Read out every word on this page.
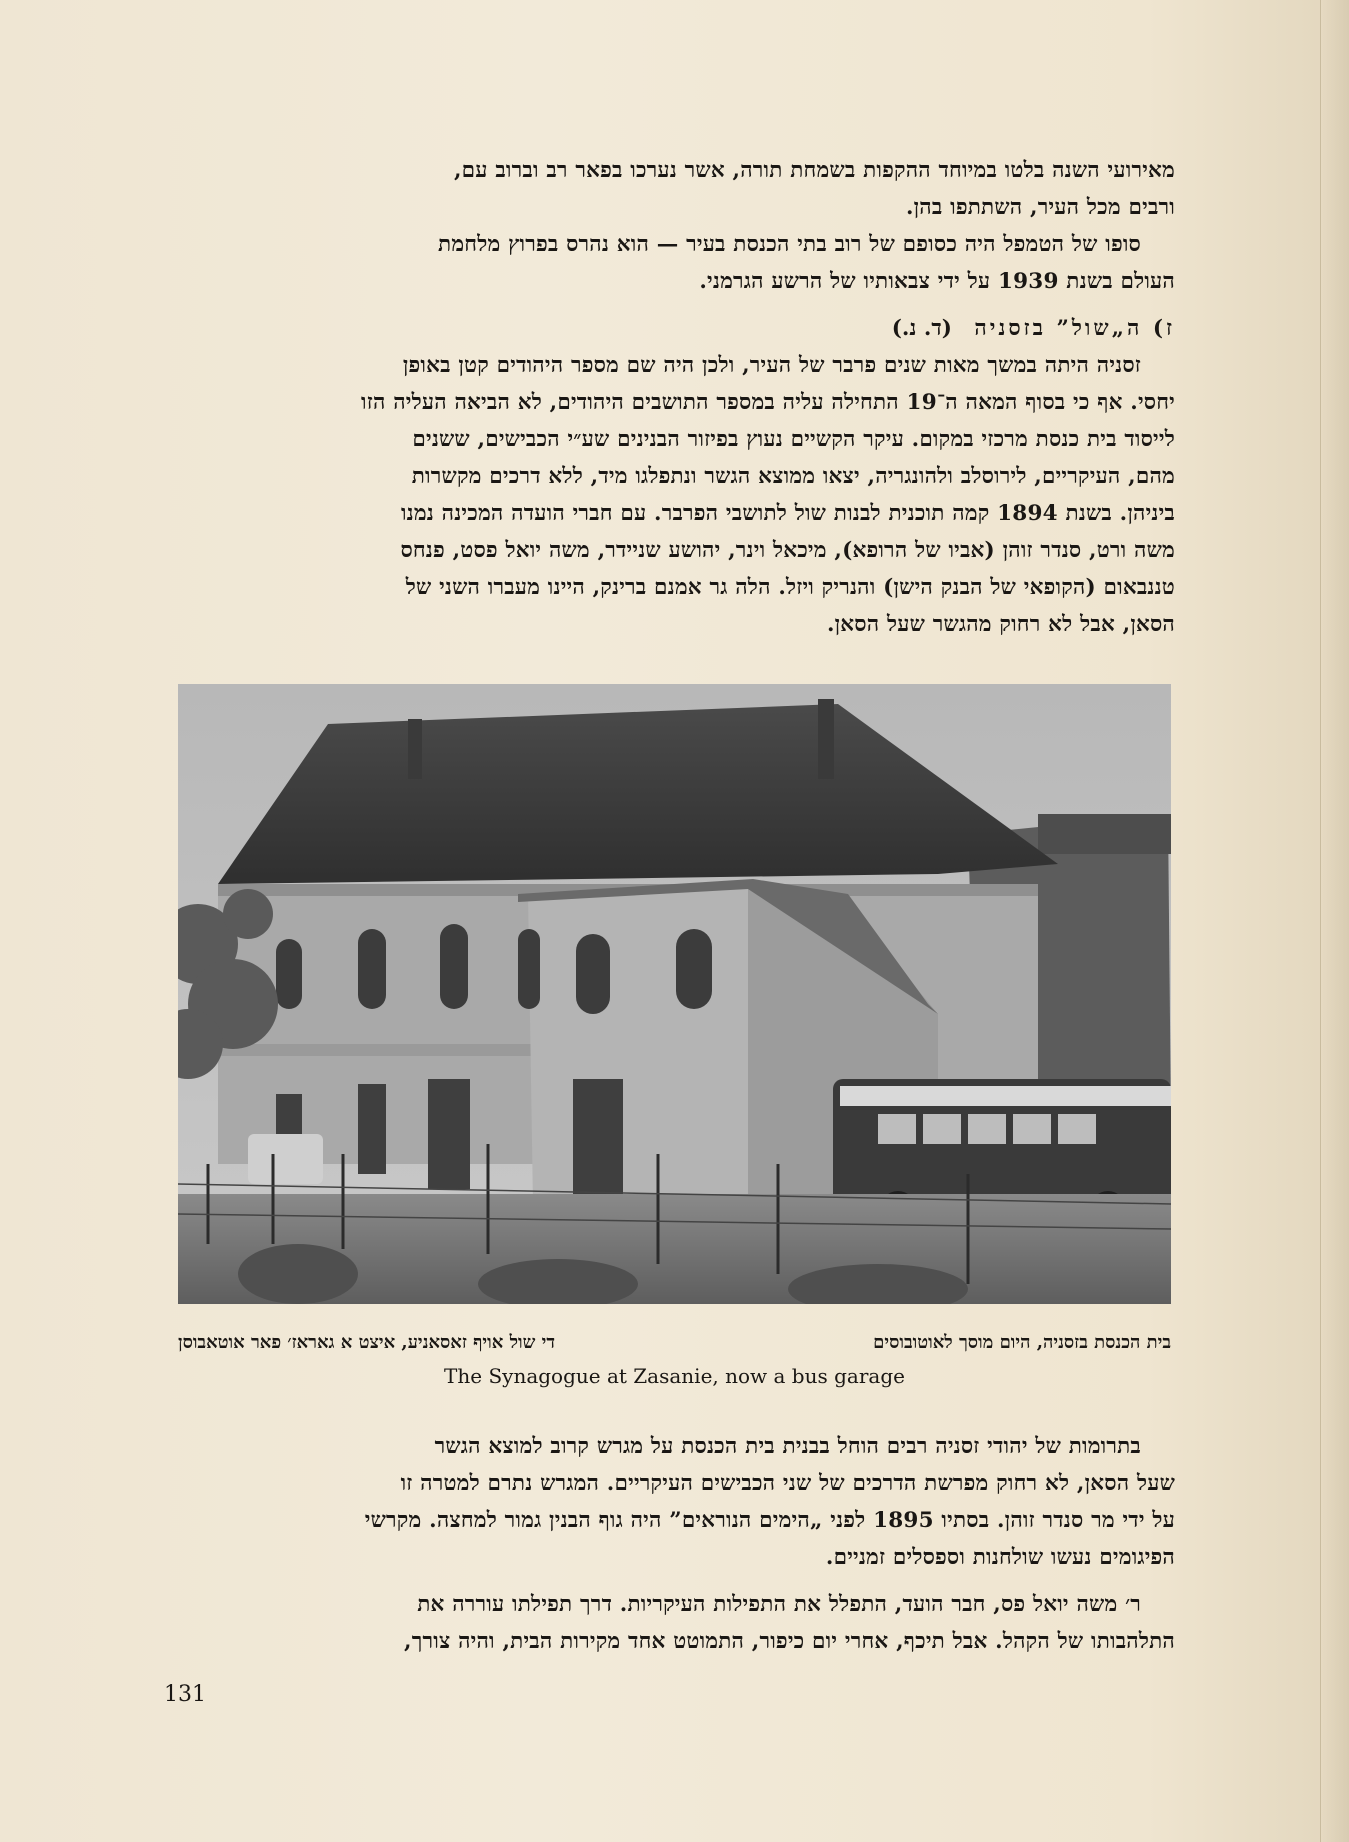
מאירועי השנה בלטו במיוחד ההקפות בשמחת תורה, אשר נערכו בפאר רב וברוב עם,
ורבים מכל העיר, השתתפו בהן.

סופו של הטמפל היה כסופם של רוב בתי הכנסת בעיר — הוא נהרס בפרוץ מלחמת
העולם בשנת 1939 על ידי צבאותיו של הרשע הגרמני.

ז) ה„שול” בזסניה (ד. נ.)

זסניה היתה במשך מאות שנים פרבר של העיר, ולכן היה שם מספר היהודים קטן באופן
יחסי. אף כי בסוף המאה ה־19 התחילה עליה במספר התושבים היהודים, לא הביאה העליה הזו
לייסוד בית כנסת מרכזי במקום. עיקר הקשיים נעוץ בפיזור הבנינים שע״י הכבישים, ששנים
מהם, העיקריים, לירוסלב ולהונגריה, יצאו ממוצא הגשר ונתפלגו מיד, ללא דרכים מקשרות
ביניהן. בשנת 1894 קמה תוכנית לבנות שול לתושבי הפרבר. עם חברי הועדה המכינה נמנו
משה ורט, סנדר זוהן (אביו של הרופא), מיכאל וינר, יהושע שניידר, משה יואל פסט, פנחס
טננבאום (הקופאי של הבנק הישן) והנריק ויזל. הלה גר אמנם ברינק, היינו מעברו השני של
הסאן, אבל לא רחוק מהגשר שעל הסאן.

בית הכנסת בזסניה, היום מוסך לאוטובוסים
די שול אויף זאסאניע, איצט א גאראז׳ פאר אוטאבוסן
The Synagogue at Zasanie, now a bus garage

בתרומות של יהודי זסניה רבים הוחל בבנית בית הכנסת על מגרש קרוב למוצא הגשר
שעל הסאן, לא רחוק מפרשת הדרכים של שני הכבישים העיקריים. המגרש נתרם למטרה זו
על ידי מר סנדר זוהן. בסתיו 1895 לפני „הימים הנוראים” היה גוף הבנין גמור למחצה. מקרשי
הפיגומים נעשו שולחנות וספסלים זמניים.

ר׳ משה יואל פס, חבר הועד, התפלל את התפילות העיקריות. דרך תפילתו עוררה את
התלהבותו של הקהל. אבל תיכף, אחרי יום כיפור, התמוטט אחד מקירות הבית, והיה צורך,

131
